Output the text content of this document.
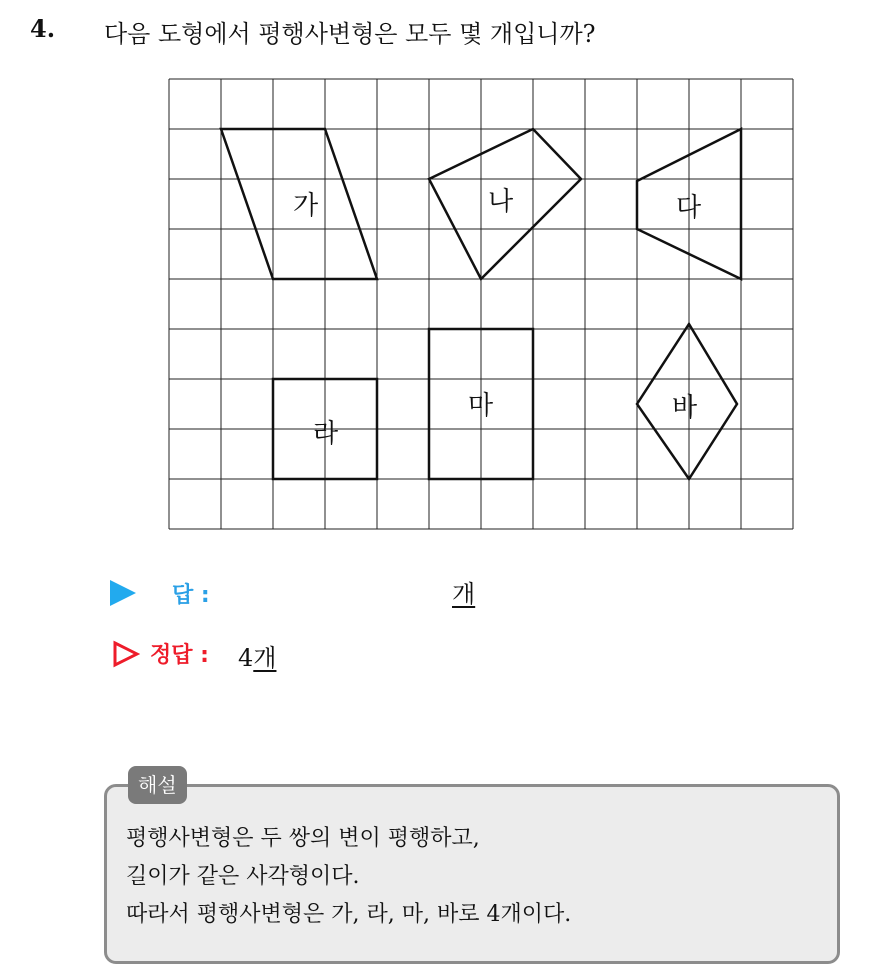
4. 다음 도형에서 평행사변형은 모두 몇 개입니까?
가	나	다
라
마	바
답 :	개
정답 : 4개
해설
평행사변형은 두 쌍의 변이 평행하고,
길이가 같은 사각형이다.
따라서 평행사변형은 가, 라, 마, 바로 4개이다.
